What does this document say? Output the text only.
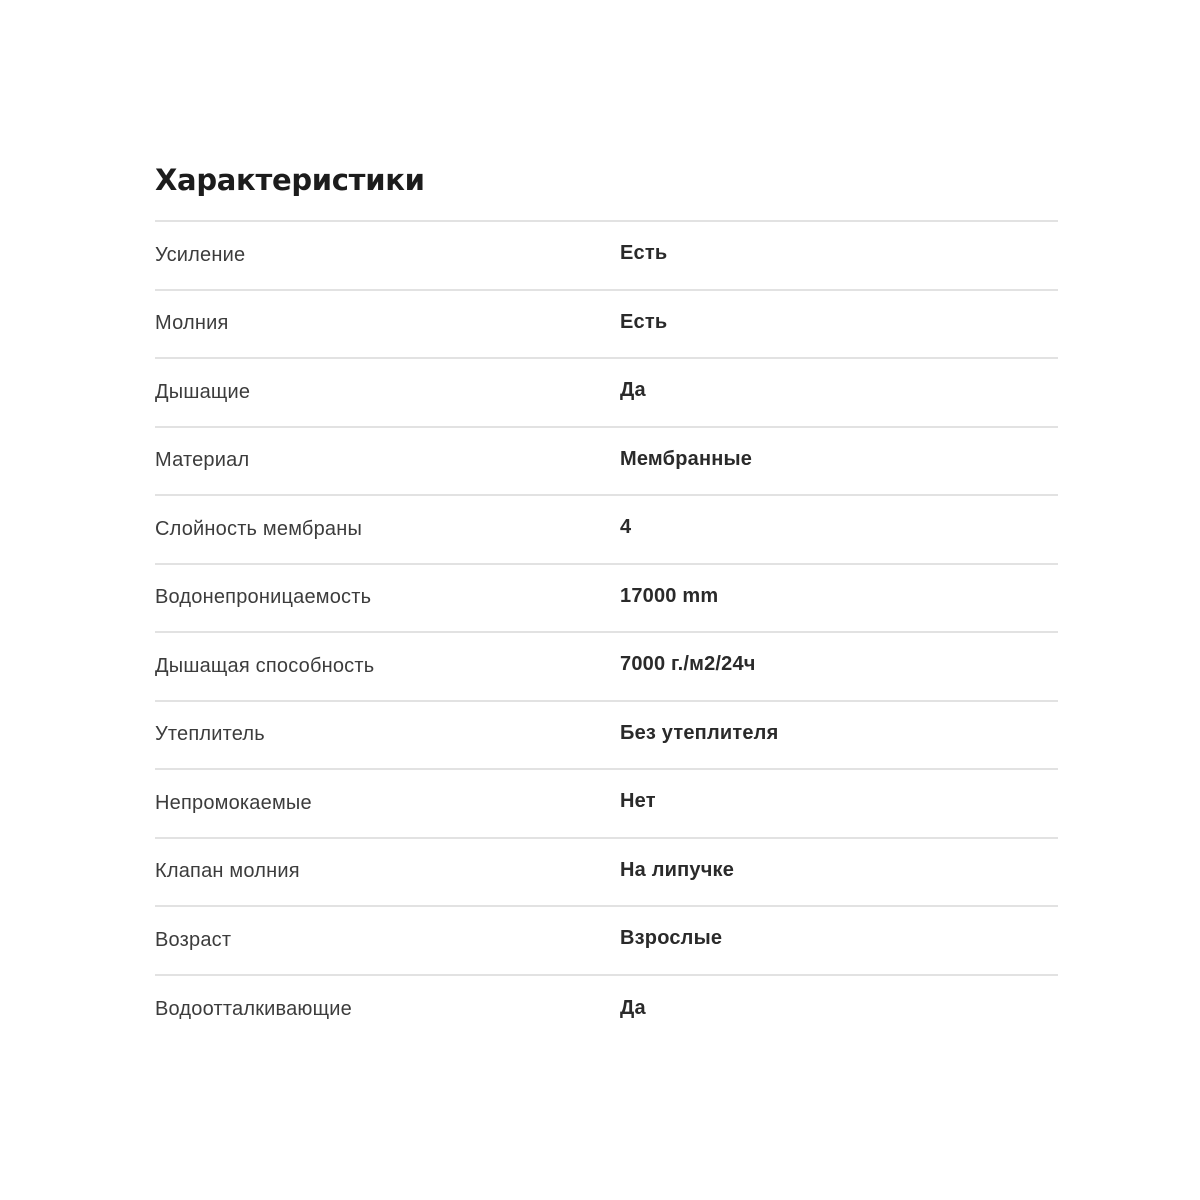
Характеристики
Усиление	Есть
Молния	Есть
Дышащие	Да
Материал	Мембранные
Слойность мембраны	4
Водонепроницаемость	17000 mm
Дышащая способность	7000 г./м2/24ч
Утеплитель	Без утеплителя
Непромокаемые	Нет
Клапан молния	На липучке
Возраст	Взрослые
Водоотталкивающие	Да
